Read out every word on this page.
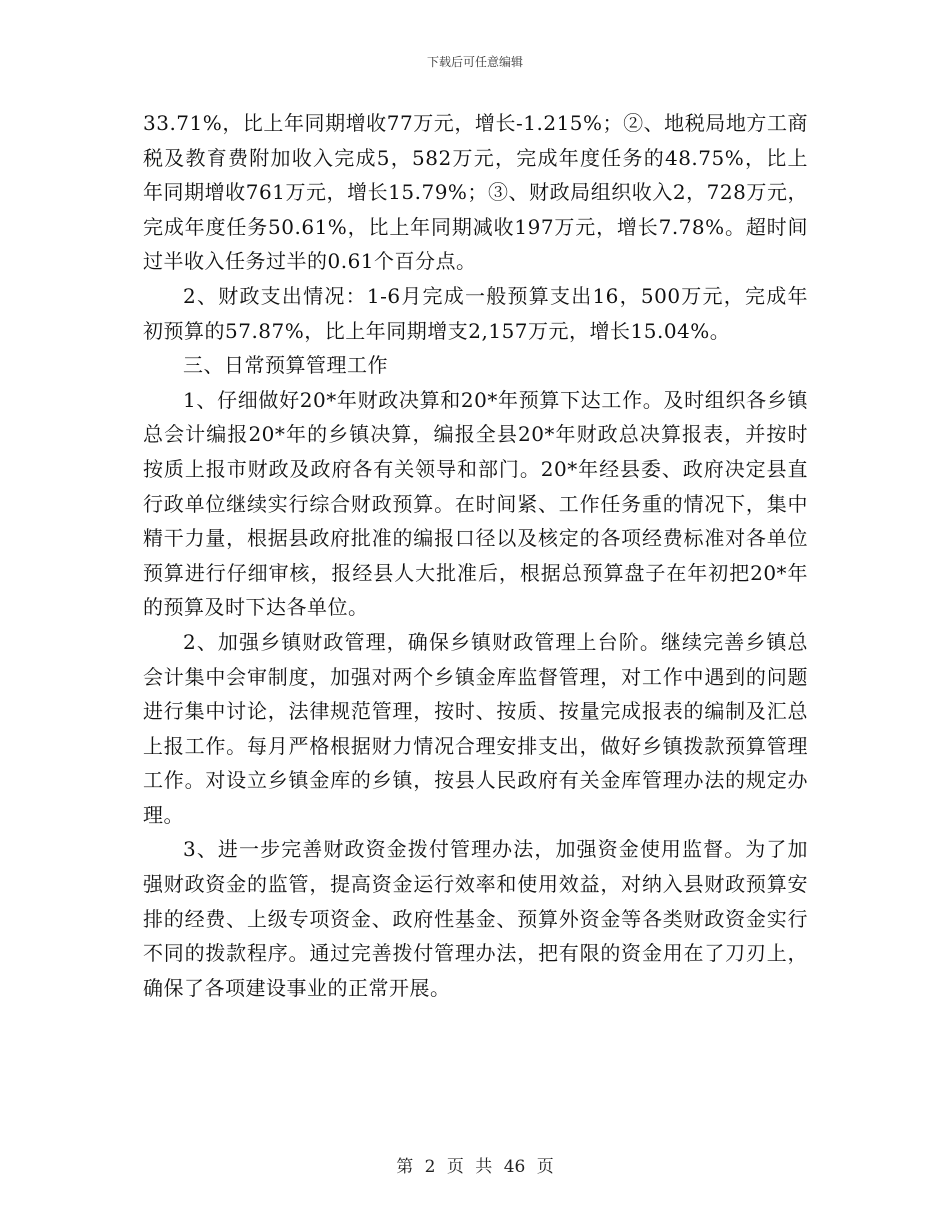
下载后可任意编辑

33.71%，比上年同期增收77万元，增长-1.215%；②、地税局地方工商税及教育费附加收入完成5，582万元，完成年度任务的48.75%，比上年同期增收761万元，增长15.79%；③、财政局组织收入2，728万元，完成年度任务50.61%，比上年同期减收197万元，增长7.78%。超时间过半收入任务过半的0.61个百分点。

2、财政支出情况：1-6月完成一般预算支出16，500万元，完成年初预算的57.87%，比上年同期增支2,157万元，增长15.04%。

三、日常预算管理工作

1、仔细做好20*年财政决算和20*年预算下达工作。及时组织各乡镇总会计编报20*年的乡镇决算，编报全县20*年财政总决算报表，并按时按质上报市财政及政府各有关领导和部门。20*年经县委、政府决定县直行政单位继续实行综合财政预算。在时间紧、工作任务重的情况下，集中精干力量，根据县政府批准的编报口径以及核定的各项经费标准对各单位预算进行仔细审核，报经县人大批准后，根据总预算盘子在年初把20*年的预算及时下达各单位。

2、加强乡镇财政管理，确保乡镇财政管理上台阶。继续完善乡镇总会计集中会审制度，加强对两个乡镇金库监督管理，对工作中遇到的问题进行集中讨论，法律规范管理，按时、按质、按量完成报表的编制及汇总上报工作。每月严格根据财力情况合理安排支出，做好乡镇拨款预算管理工作。对设立乡镇金库的乡镇，按县人民政府有关金库管理办法的规定办理。

3、进一步完善财政资金拨付管理办法，加强资金使用监督。为了加强财政资金的监管，提高资金运行效率和使用效益，对纳入县财政预算安排的经费、上级专项资金、政府性基金、预算外资金等各类财政资金实行不同的拨款程序。通过完善拨付管理办法，把有限的资金用在了刀刃上，确保了各项建设事业的正常开展。

第 2 页 共 46 页
